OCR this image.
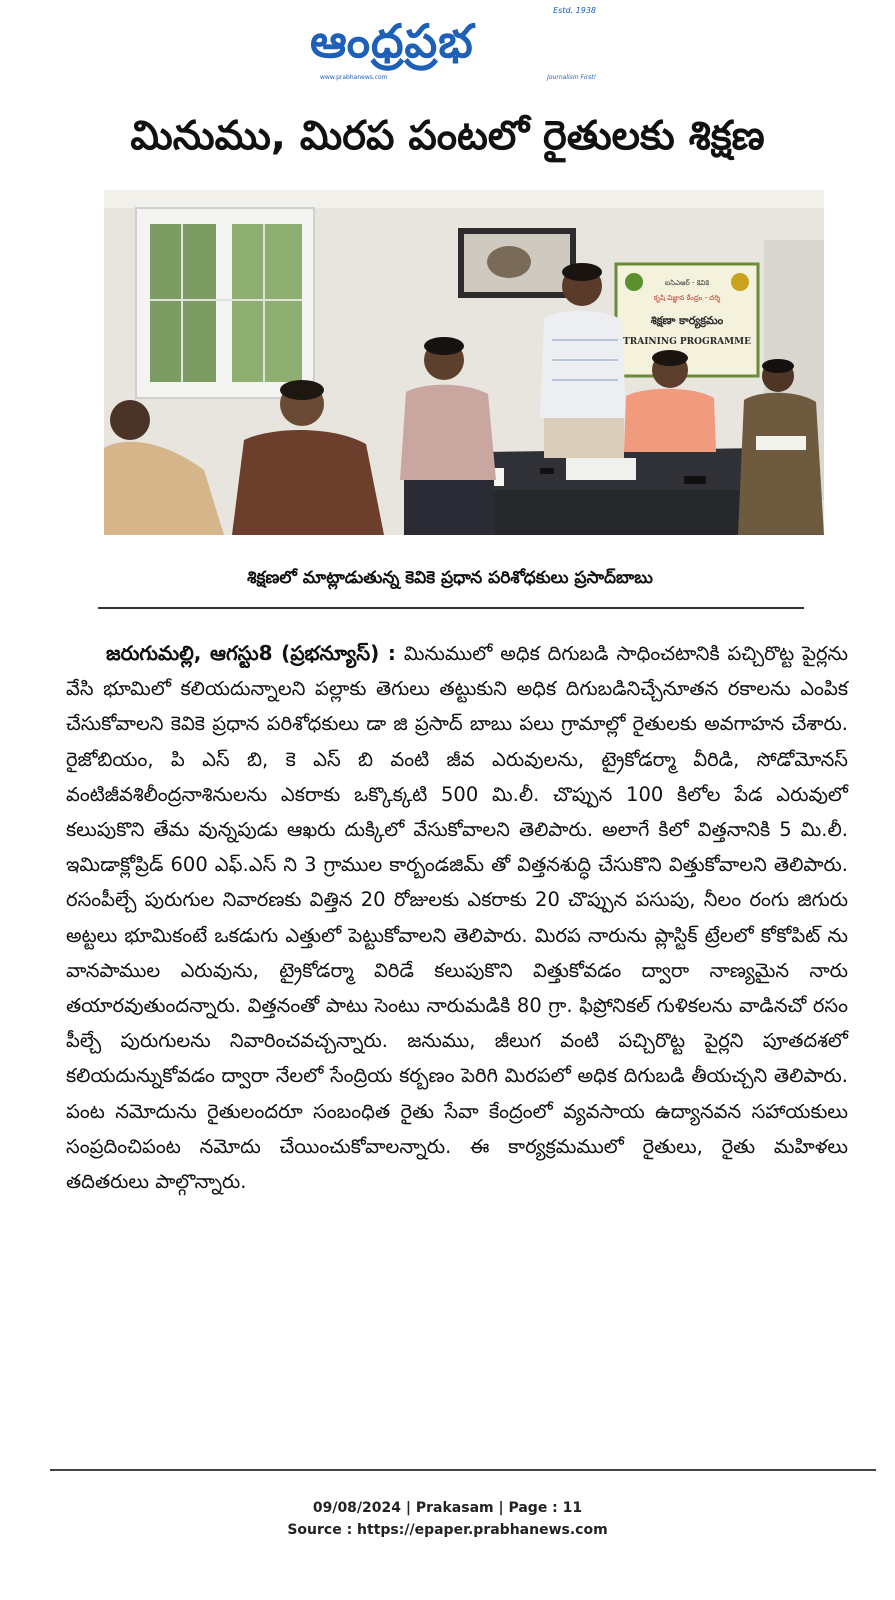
ఆంధ్రప్రభ
Estd. 1938
www.prabhanews.com	Journalism First!
మినుము, మిరప పంటలో రైతులకు శిక్షణ
ఐసిఎఆర్ - కెవికె
కృషి విజ్ఞాన కేంద్రం - దర్శి
శిక్షణా కార్యక్రమం
TRAINING PROGRAMME
శిక్షణలో మాట్లాడుతున్న కెవికె ప్రధాన పరిశోధకులు ప్రసాద్‌బాబు
జరుగుమల్లి, ఆగస్టు8 (ప్రభన్యూస్) : మినుములో అధిక దిగుబడి సాధించటానికి పచ్చిరొట్ట పైర్లను వేసి భూమిలో కలియదున్నాలని పల్లాకు తెగులు తట్టుకుని అధిక దిగుబడినిచ్చేనూతన రకాలను ఎంపిక చేసుకోవాలని కెవికె ప్రధాన పరిశోధకులు డా జి ప్రసాద్ బాబు పలు గ్రామాల్లో రైతులకు అవగాహన చేశారు. రైజోబియం, పి ఎస్ బి, కె ఎస్ బి వంటి జీవ ఎరువులను, ట్రైకోడర్మా వీరిడి, సోడోమోనస్ వంటిజీవశిలీంద్రనాశినులను ఎకరాకు ఒక్కొక్కటి 500 మి.లీ. చొప్పున 100 కిలోల పేడ ఎరువులో కలుపుకొని తేమ వున్నపుడు ఆఖరు దుక్కిలో వేసుకోవాలని తెలిపారు. అలాగే కిలో విత్తనానికి 5 మి.లీ. ఇమిడాక్లోప్రిడ్ 600 ఎఫ్.ఎస్ ని 3 గ్రాముల కార్బండజిమ్ తో విత్తనశుద్ధి చేసుకొని విత్తుకోవాలని తెలిపారు. రసంపీల్చే పురుగుల నివారణకు విత్తిన 20 రోజులకు ఎకరాకు 20 చొప్పున పసుపు, నీలం రంగు జిగురు అట్టలు భూమికంటే ఒకడుగు ఎత్తులో పెట్టుకోవాలని తెలిపారు. మిరప నారును ప్లాస్టిక్ ట్రేలలో కోకోపిట్ ను వానపాముల ఎరువును, ట్రైకోడర్మా విరిడే కలుపుకొని విత్తుకోవడం ద్వారా నాణ్యమైన నారు తయారవుతుందన్నారు. విత్తనంతో పాటు సెంటు నారుమడికి 80 గ్రా. ఫిప్రోనికల్ గుళికలను వాడినచో రసం పీల్చే పురుగులను నివారించవచ్చన్నారు. జనుము, జీలుగ వంటి పచ్చిరొట్ట పైర్లని పూతదశలో కలియదున్నుకోవడం ద్వారా నేలలో సేంద్రియ కర్బణం పెరిగి మిరపలో అధిక దిగుబడి తీయచ్చని తెలిపారు. పంట నమోదును రైతులందరూ సంబంధిత రైతు సేవా కేంద్రంలో వ్యవసాయ ఉద్యానవన సహాయకులు సంప్రదించిపంట నమోదు చేయించుకోవాలన్నారు. ఈ కార్యక్రమములో రైతులు, రైతు మహిళలు తదితరులు పాల్గొన్నారు.
09/08/2024 | Prakasam | Page : 11
Source : https://epaper.prabhanews.com
